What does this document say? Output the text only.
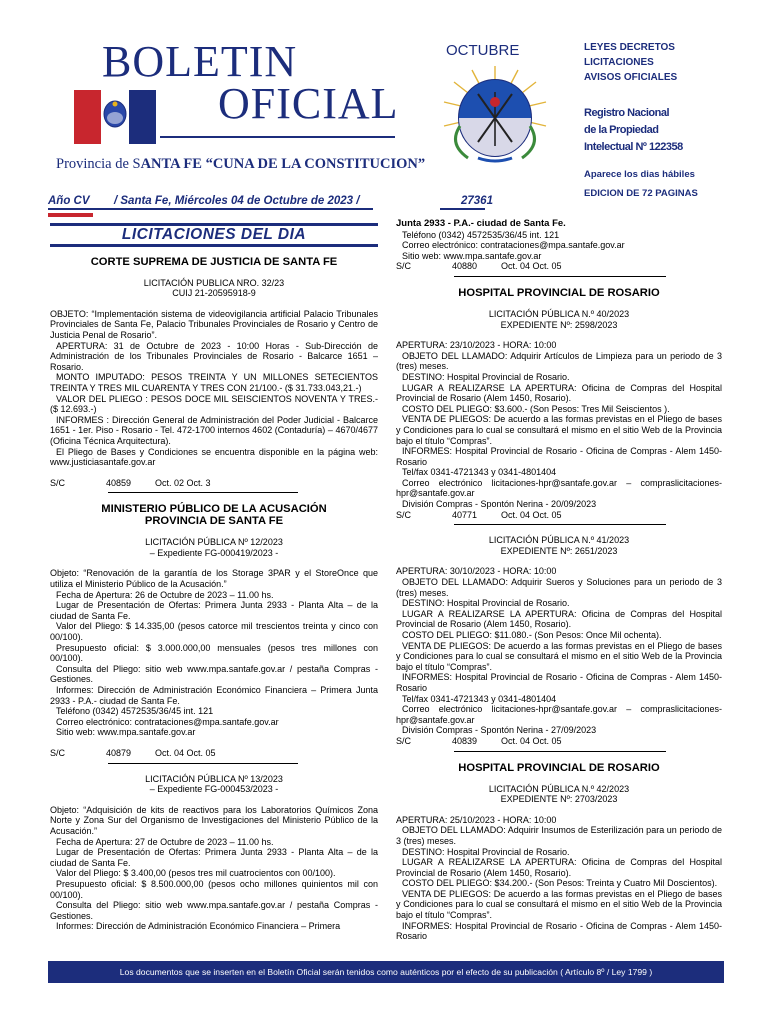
BOLETIN
OFICIAL
Provincia de SANTA FE “CUNA DE LA CONSTITUCION”
OCTUBRE	LEYES DECRETOS
LICITACIONES
AVISOS OFICIALES
Registro Nacional
de la Propiedad
Intelectual Nº 122358
Aparece los dias hábiles
EDICION DE 72 PAGINAS
Año CV / Santa Fe, Miércoles 04 de Octubre de 2023 /	27361
LICITACIONES DEL DIA
CORTE SUPREMA DE JUSTICIA DE SANTA FE
LICITACIÓN PUBLICA NRO. 32/23
CUIJ 21-20595918-9

OBJETO: “Implementación sistema de videovigilancia artificial Palacio Tribunales Provinciales de Santa Fe, Palacio Tribunales Provinciales de Rosario y Centro de Justicia Penal de Rosario”.

APERTURA: 31 de Octubre de 2023 - 10:00 Horas - Sub-Dirección de Administración de los Tribunales Provinciales de Rosario - Balcarce 1651 – Rosario.

MONTO IMPUTADO: PESOS TREINTA Y UN MILLONES SETECIENTOS TREINTA Y TRES MIL CUARENTA Y TRES CON 21/100.- ($ 31.733.043,21.-)

VALOR DEL PLIEGO : PESOS DOCE MIL SEISCIENTOS NOVENTA Y TRES.- ($ 12.693.-)

INFORMES : Dirección General de Administración del Poder Judicial - Balcarce 1651 - 1er. Piso - Rosario - Tel. 472-1700 internos 4602 (Contaduría) – 4670/4677 (Oficina Técnica Arquitectura).

El Pliego de Bases y Condiciones se encuentra disponible en la página web: www.justiciasantafe.gov.ar

S/C	40859	Oct. 02 Oct. 3
MINISTERIO PÚBLICO DE LA ACUSACIÓN
PROVINCIA DE SANTA FE
LICITACIÓN PÚBLICA Nº 12/2023
– Expediente FG-000419/2023 -

Objeto: “Renovación de la garantía de los Storage 3PAR y el StoreOnce que utiliza el Ministerio Público de la Acusación.”

Fecha de Apertura: 26 de Octubre de 2023 – 11.00 hs.

Lugar de Presentación de Ofertas: Primera Junta 2933 - Planta Alta – de la ciudad de Santa Fe.

Valor del Pliego: $ 14.335,00 (pesos catorce mil trescientos treinta y cinco con 00/100).

Presupuesto oficial: $ 3.000.000,00 mensuales (pesos tres millones con 00/100).

Consulta del Pliego: sitio web www.mpa.santafe.gov.ar / pestaña Compras - Gestiones.

Informes: Dirección de Administración Económico Financiera – Primera Junta 2933 - P.A.- ciudad de Santa Fe.

Teléfono (0342) 4572535/36/45 int. 121

Correo electrónico: contrataciones@mpa.santafe.gov.ar

Sitio web: www.mpa.santafe.gov.ar

S/C	40879	Oct. 04 Oct. 05
LICITACIÓN PÚBLICA Nº 13/2023
– Expediente FG-000453/2023 -

Objeto: “Adquisición de kits de reactivos para los Laboratorios Químicos Zona Norte y Zona Sur del Organismo de Investigaciones del Ministerio Público de la Acusación.”

Fecha de Apertura: 27 de Octubre de 2023 – 11.00 hs.

Lugar de Presentación de Ofertas: Primera Junta 2933 - Planta Alta – de la ciudad de Santa Fe.

Valor del Pliego: $ 3.400,00 (pesos tres mil cuatrocientos con 00/100).

Presupuesto oficial: $ 8.500.000,00 (pesos ocho millones quinientos mil con 00/100).

Consulta del Pliego: sitio web www.mpa.santafe.gov.ar / pestaña Compras - Gestiones.

Informes: Dirección de Administración Económico Financiera – Primera

Junta 2933 - P.A.- ciudad de Santa Fe.

Teléfono (0342) 4572535/36/45 int. 121

Correo electrónico: contrataciones@mpa.santafe.gov.ar

Sitio web: www.mpa.santafe.gov.ar

S/C	40880	Oct. 04 Oct. 05
HOSPITAL PROVINCIAL DE ROSARIO
LICITACIÓN PÚBLICA N.º 40/2023
EXPEDIENTE Nº: 2598/2023

APERTURA: 23/10/2023 - HORA: 10:00

OBJETO DEL LLAMADO: Adquirir Artículos de Limpieza para un periodo de 3 (tres) meses.

DESTINO: Hospital Provincial de Rosario.

LUGAR A REALIZARSE LA APERTURA: Oficina de Compras del Hospital Provincial de Rosario (Alem 1450, Rosario).

COSTO DEL PLIEGO: $3.600.- (Son Pesos: Tres Mil Seiscientos ).

VENTA DE PLIEGOS: De acuerdo a las formas previstas en el Pliego de bases y Condiciones para lo cual se consultará el mismo en el sitio Web de la Provincia bajo el título “Compras”.

INFORMES: Hospital Provincial de Rosario - Oficina de Compras - Alem 1450- Rosario

Tel/fax 0341-4721343 y 0341-4801404

Correo electrónico licitaciones-hpr@santafe.gov.ar – compraslicitaciones-hpr@santafe.gov.ar

División Compras - Spontón Nerina - 20/09/2023

S/C	40771	Oct. 04 Oct. 05
LICITACIÓN PÚBLICA N.º 41/2023
EXPEDIENTE Nº: 2651/2023

APERTURA: 30/10/2023 - HORA: 10:00

OBJETO DEL LLAMADO: Adquirir Sueros y Soluciones para un periodo de 3 (tres) meses.

DESTINO: Hospital Provincial de Rosario.

LUGAR A REALIZARSE LA APERTURA: Oficina de Compras del Hospital Provincial de Rosario (Alem 1450, Rosario).

COSTO DEL PLIEGO: $11.080.- (Son Pesos: Once Mil ochenta).

VENTA DE PLIEGOS: De acuerdo a las formas previstas en el Pliego de bases y Condiciones para lo cual se consultará el mismo en el sitio Web de la Provincia bajo el título “Compras”.

INFORMES: Hospital Provincial de Rosario - Oficina de Compras - Alem 1450- Rosario

Tel/fax 0341-4721343 y 0341-4801404

Correo electrónico licitaciones-hpr@santafe.gov.ar – compraslicitaciones-hpr@santafe.gov.ar

División Compras - Spontón Nerina - 27/09/2023

S/C	40839	Oct. 04 Oct. 05
HOSPITAL PROVINCIAL DE ROSARIO
LICITACIÓN PÚBLICA N.º 42/2023
EXPEDIENTE Nº: 2703/2023

APERTURA: 25/10/2023 - HORA: 10:00

OBJETO DEL LLAMADO: Adquirir Insumos de Esterilización para un periodo de 3 (tres) meses.

DESTINO: Hospital Provincial de Rosario.

LUGAR A REALIZARSE LA APERTURA: Oficina de Compras del Hospital Provincial de Rosario (Alem 1450, Rosario).

COSTO DEL PLIEGO: $34.200.- (Son Pesos: Treinta y Cuatro Mil Doscientos).

VENTA DE PLIEGOS: De acuerdo a las formas previstas en el Pliego de bases y Condiciones para lo cual se consultará el mismo en el sitio Web de la Provincia bajo el título “Compras”.

INFORMES: Hospital Provincial de Rosario - Oficina de Compras - Alem 1450- Rosario

Los documentos que se inserten en el Boletín Oficial serán tenidos como auténticos por el efecto de su publicación ( Artículo 8º / Ley 1799 )
